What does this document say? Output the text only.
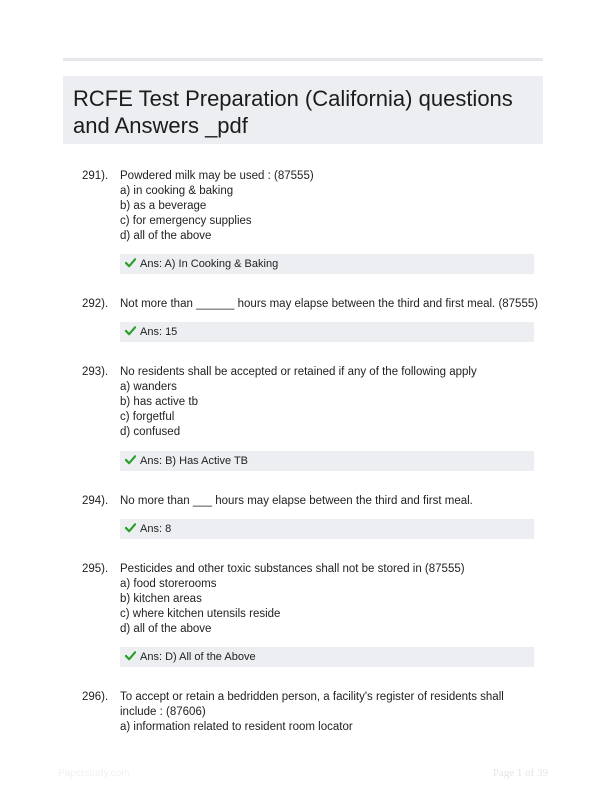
RCFE Test Preparation (California) questions and Answers _pdf
291). Powdered milk may be used : (87555)
a) in cooking & baking
b) as a beverage
c) for emergency supplies
d) all of the above
Ans: A) In Cooking & Baking
292). Not more than ______ hours may elapse between the third and first meal. (87555)
Ans: 15
293). No residents shall be accepted or retained if any of the following apply
a) wanders
b) has active tb
c) forgetful
d) confused
Ans: B) Has Active TB
294). No more than ___ hours may elapse between the third and first meal.
Ans: 8
295). Pesticides and other toxic substances shall not be stored in (87555)
a) food storerooms
b) kitchen areas
c) where kitchen utensils reside
d) all of the above
Ans: D) All of the Above
296). To accept or retain a bedridden person, a facility's register of residents shall include : (87606)
a) information related to resident room locator
Paperstudy.com	Page 1 of 39
